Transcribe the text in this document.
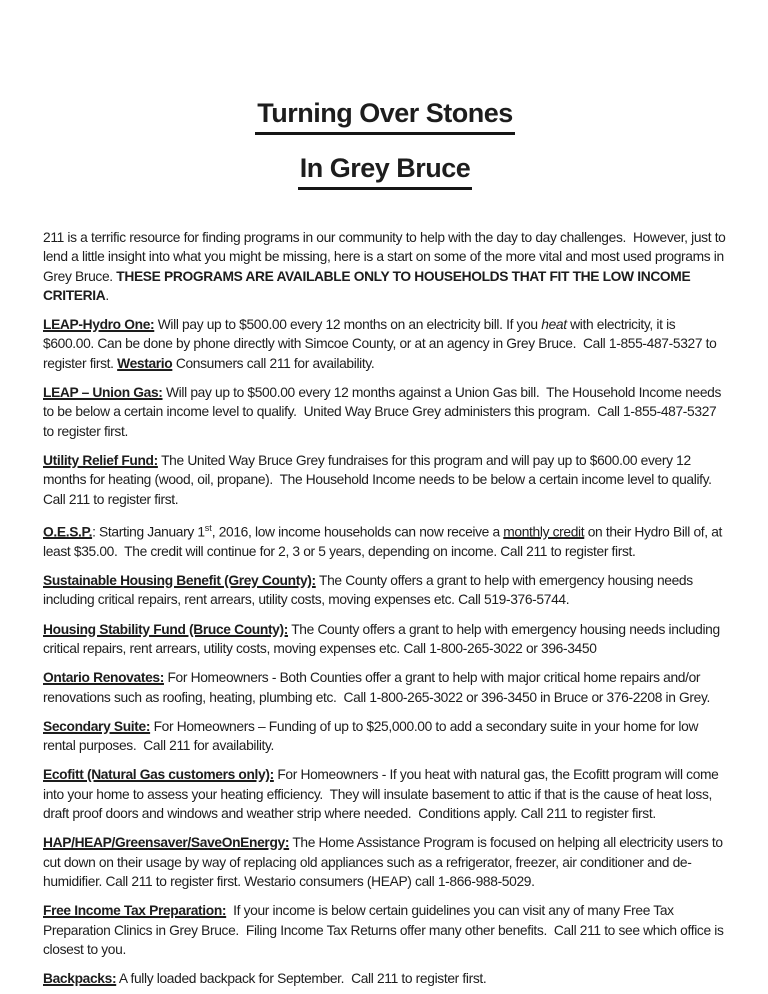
Turning Over Stones
In Grey Bruce

211 is a terrific resource for finding programs in our community to help with the day to day challenges.  However, just to lend a little insight into what you might be missing, here is a start on some of the more vital and most used programs in Grey Bruce. THESE PROGRAMS ARE AVAILABLE ONLY TO HOUSEHOLDS THAT FIT THE LOW INCOME CRITERIA.

LEAP-Hydro One: Will pay up to $500.00 every 12 months on an electricity bill. If you heat with electricity, it is $600.00. Can be done by phone directly with Simcoe County, or at an agency in Grey Bruce.  Call 1-855-487-5327 to register first. Westario Consumers call 211 for availability.

LEAP – Union Gas: Will pay up to $500.00 every 12 months against a Union Gas bill.  The Household Income needs to be below a certain income level to qualify.  United Way Bruce Grey administers this program.  Call 1-855-487-5327 to register first.

Utility Relief Fund: The United Way Bruce Grey fundraises for this program and will pay up to $600.00 every 12 months for heating (wood, oil, propane).  The Household Income needs to be below a certain income level to qualify. Call 211 to register first.

O.E.S.P.: Starting January 1st, 2016, low income households can now receive a monthly credit on their Hydro Bill of, at least $35.00.  The credit will continue for 2, 3 or 5 years, depending on income. Call 211 to register first.

Sustainable Housing Benefit (Grey County): The County offers a grant to help with emergency housing needs including critical repairs, rent arrears, utility costs, moving expenses etc. Call 519-376-5744.

Housing Stability Fund (Bruce County): The County offers a grant to help with emergency housing needs including critical repairs, rent arrears, utility costs, moving expenses etc. Call 1-800-265-3022 or 396-3450

Ontario Renovates: For Homeowners - Both Counties offer a grant to help with major critical home repairs and/or renovations such as roofing, heating, plumbing etc.  Call 1-800-265-3022 or 396-3450 in Bruce or 376-2208 in Grey.

Secondary Suite: For Homeowners – Funding of up to $25,000.00 to add a secondary suite in your home for low rental purposes.  Call 211 for availability.

Ecofitt (Natural Gas customers only): For Homeowners - If you heat with natural gas, the Ecofitt program will come into your home to assess your heating efficiency.  They will insulate basement to attic if that is the cause of heat loss, draft proof doors and windows and weather strip where needed.  Conditions apply. Call 211 to register first.

HAP/HEAP/Greensaver/SaveOnEnergy: The Home Assistance Program is focused on helping all electricity users to cut down on their usage by way of replacing old appliances such as a refrigerator, freezer, air conditioner and de-humidifier. Call 211 to register first. Westario consumers (HEAP) call 1-866-988-5029.

Free Income Tax Preparation:  If your income is below certain guidelines you can visit any of many Free Tax Preparation Clinics in Grey Bruce.  Filing Income Tax Returns offer many other benefits.  Call 211 to see which office is closest to you.

Backpacks: A fully loaded backpack for September.  Call 211 to register first.
